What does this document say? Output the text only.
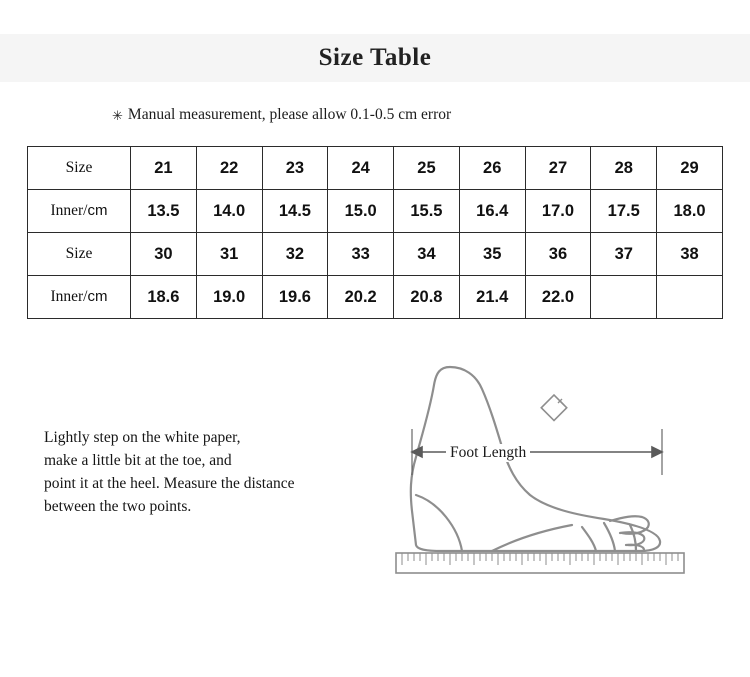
Size Table
✳ Manual measurement, please allow 0.1-0.5 cm error
Size	21	22	23	24	25	26	27	28	29
Inner/cm	13.5	14.0	14.5	15.0	15.5	16.4	17.0	17.5	18.0
Size	30	31	32	33	34	35	36	37	38
Inner/cm	18.6	19.0	19.6	20.2	20.8	21.4	22.0		
Lightly step on the white paper,
make a little bit at the toe, and
point it at the heel. Measure the distance
between the two points.
Foot Length
